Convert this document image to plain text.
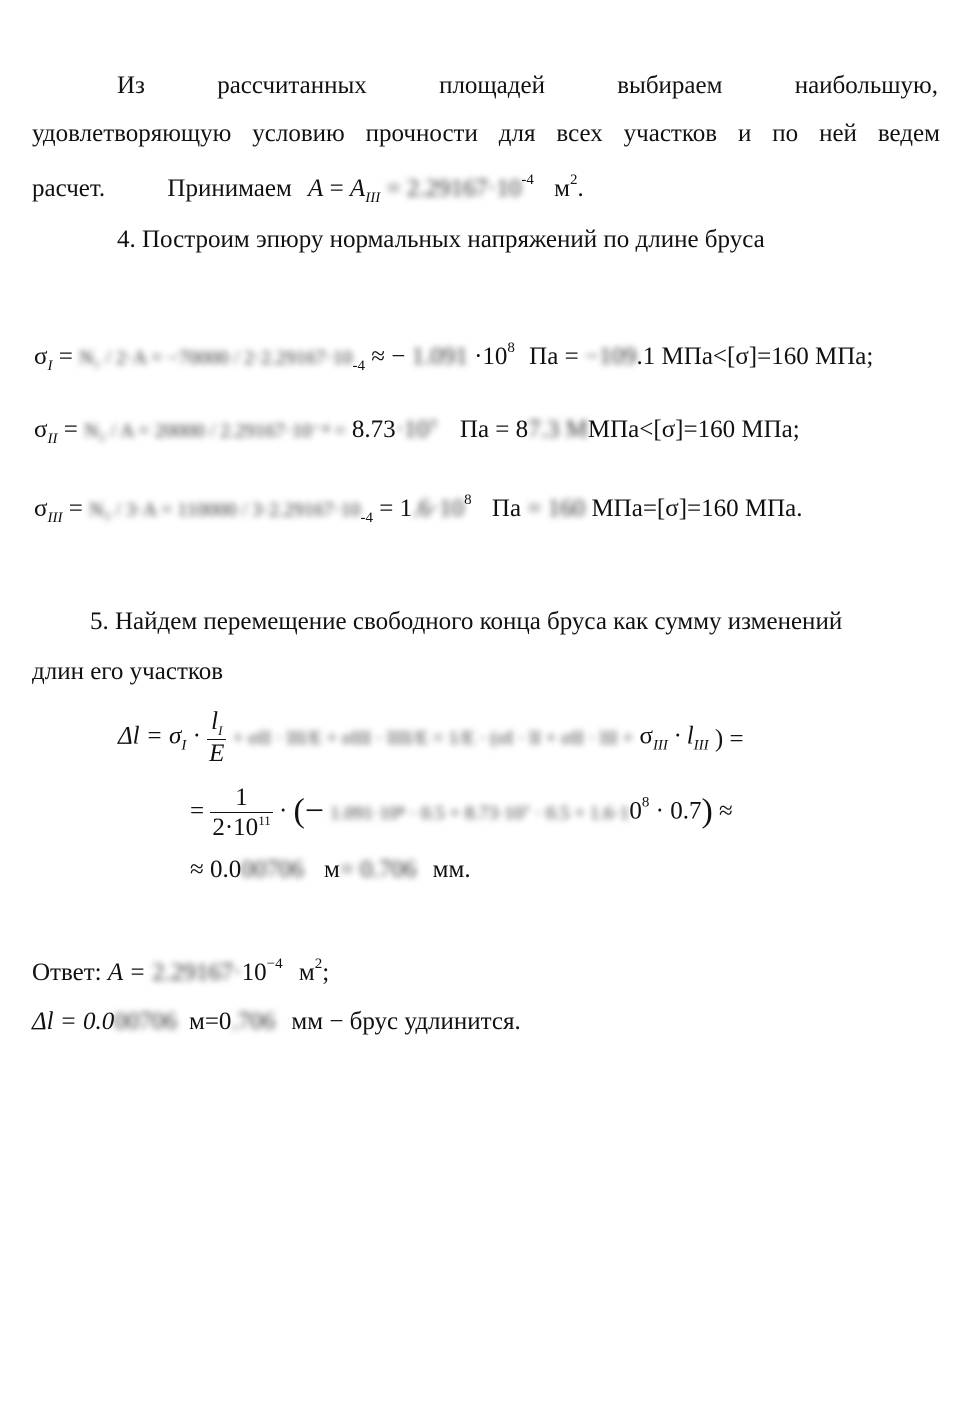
Из	рассчитанных	площадей	выбираем	наибольшую,
удовлетворяющую условию прочности для всех участков и по ней ведем
расчет. Принимаем $A = A_{III} = 2.29167\cdot 10^{-4}$ $м^2$.
4. Построим эпюру нормальных напряжений по длине бруса
$\sigma_I = N_1 / 2\cdot A = -70000 / 2\cdot 2.29167\cdot 10_{-4}$ ≈ − $1.091 \cdot 10^8$ Па = −109.1 МПа<[σ]=160 МПа;
$\sigma_{II} = N_2 / A = 20000 / 2.29167\cdot 10^{-4} = 8.73\cdot 10^7$ Па = 87.3 ММПа<[σ]=160 МПа;
$\sigma_{III} = N_3 / 3\cdot A = 110000 / 3\cdot 2.29167\cdot 10_{-4} = 1.6\cdot 10^8$ Па = 160 МПа=[σ]=160 МПа.
5. Найдем перемещение свободного конца бруса как сумму изменений
длин его участков
$\Delta l = \sigma_I \cdot \frac{l_I}{E} + \sigma II \cdot lII/E + \sigma III$ · lIII/E = 1/E · (σI · lI + σII · lII + $\sigma_{III} \cdot l_{III}$ ) =
= $\frac{1}{2\cdot 10^{11}}$ · (− $1.091\cdot 10^8 \cdot 0.5 + 8.73\cdot 10^7 \cdot 0.5 + 1.6\cdot 10^8 \cdot 0.7$) ≈
≈ 0.000706 м= 0.706 мм.
Ответ: $A = 2.29167\cdot 10^{-4}$ $м^2$;
Δl = 0.000706 м=0.706 мм − брус удлинится.
